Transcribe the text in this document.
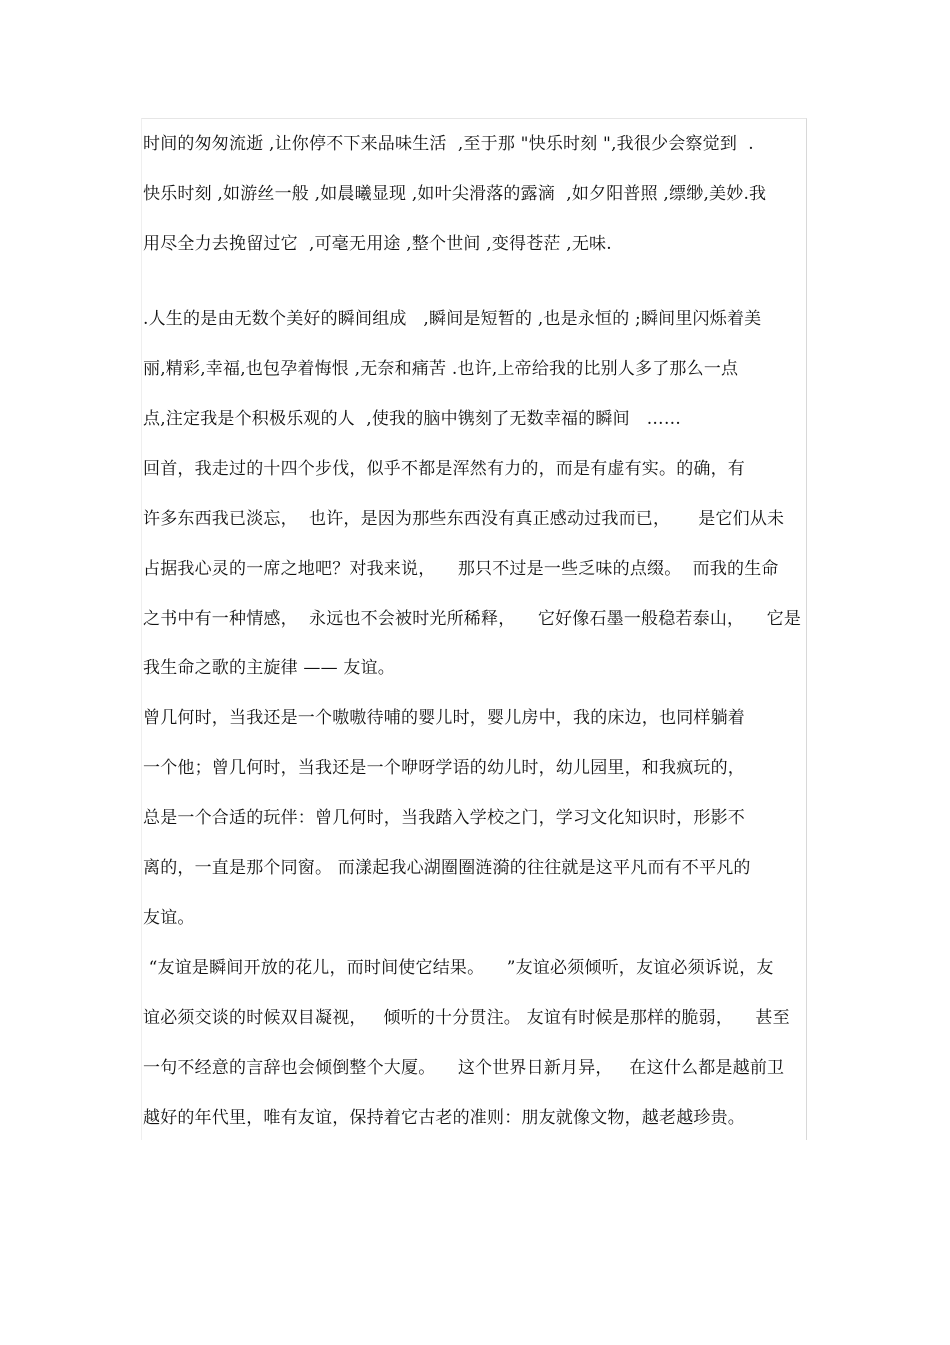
时间的匆匆流逝 ,让你停不下来品味生活  ,至于那 "快乐时刻 ",我很少会察觉到  .
快乐时刻 ,如游丝一般 ,如晨曦显现 ,如叶尖滑落的露滴  ,如夕阳普照 ,缥缈,美妙.我
用尽全力去挽留过它  ,可毫无用途 ,整个世间 ,变得苍茫 ,无味.
.人生的是由无数个美好的瞬间组成   ,瞬间是短暂的 ,也是永恒的 ;瞬间里闪烁着美
丽,精彩,幸福,也包孕着悔恨 ,无奈和痛苦 .也许,上帝给我的比别人多了那么一点
点,注定我是个积极乐观的人  ,使我的脑中镌刻了无数幸福的瞬间   ……
回首，我走过的十四个步伐，似乎不都是浑然有力的，而是有虚有实。的确，有
许多东西我已淡忘，  也许，是因为那些东西没有真正感动过我而已，     是它们从未
占据我心灵的一席之地吧？对我来说，    那只不过是一些乏味的点缀。  而我的生命
之书中有一种情感，  永远也不会被时光所稀释，    它好像石墨一般稳若泰山，    它是
我生命之歌的主旋律 —— 友谊。
曾几何时，当我还是一个嗷嗷待哺的婴儿时，婴儿房中，我的床边，也同样躺着
一个他；曾几何时，当我还是一个咿呀学语的幼儿时，幼儿园里，和我疯玩的，
总是一个合适的玩伴：曾几何时，当我踏入学校之门，学习文化知识时，形影不
离的，一直是那个同窗。 而漾起我心湖圈圈涟漪的往往就是这平凡而有不平凡的
友谊。
“友谊是瞬间开放的花儿，而时间使它结果。    ”友谊必须倾听，友谊必须诉说，友
谊必须交谈的时候双目凝视，   倾听的十分贯注。 友谊有时候是那样的脆弱，    甚至
一句不经意的言辞也会倾倒整个大厦。    这个世界日新月异，   在这什么都是越前卫
越好的年代里，唯有友谊，保持着它古老的准则：朋友就像文物，越老越珍贵。
